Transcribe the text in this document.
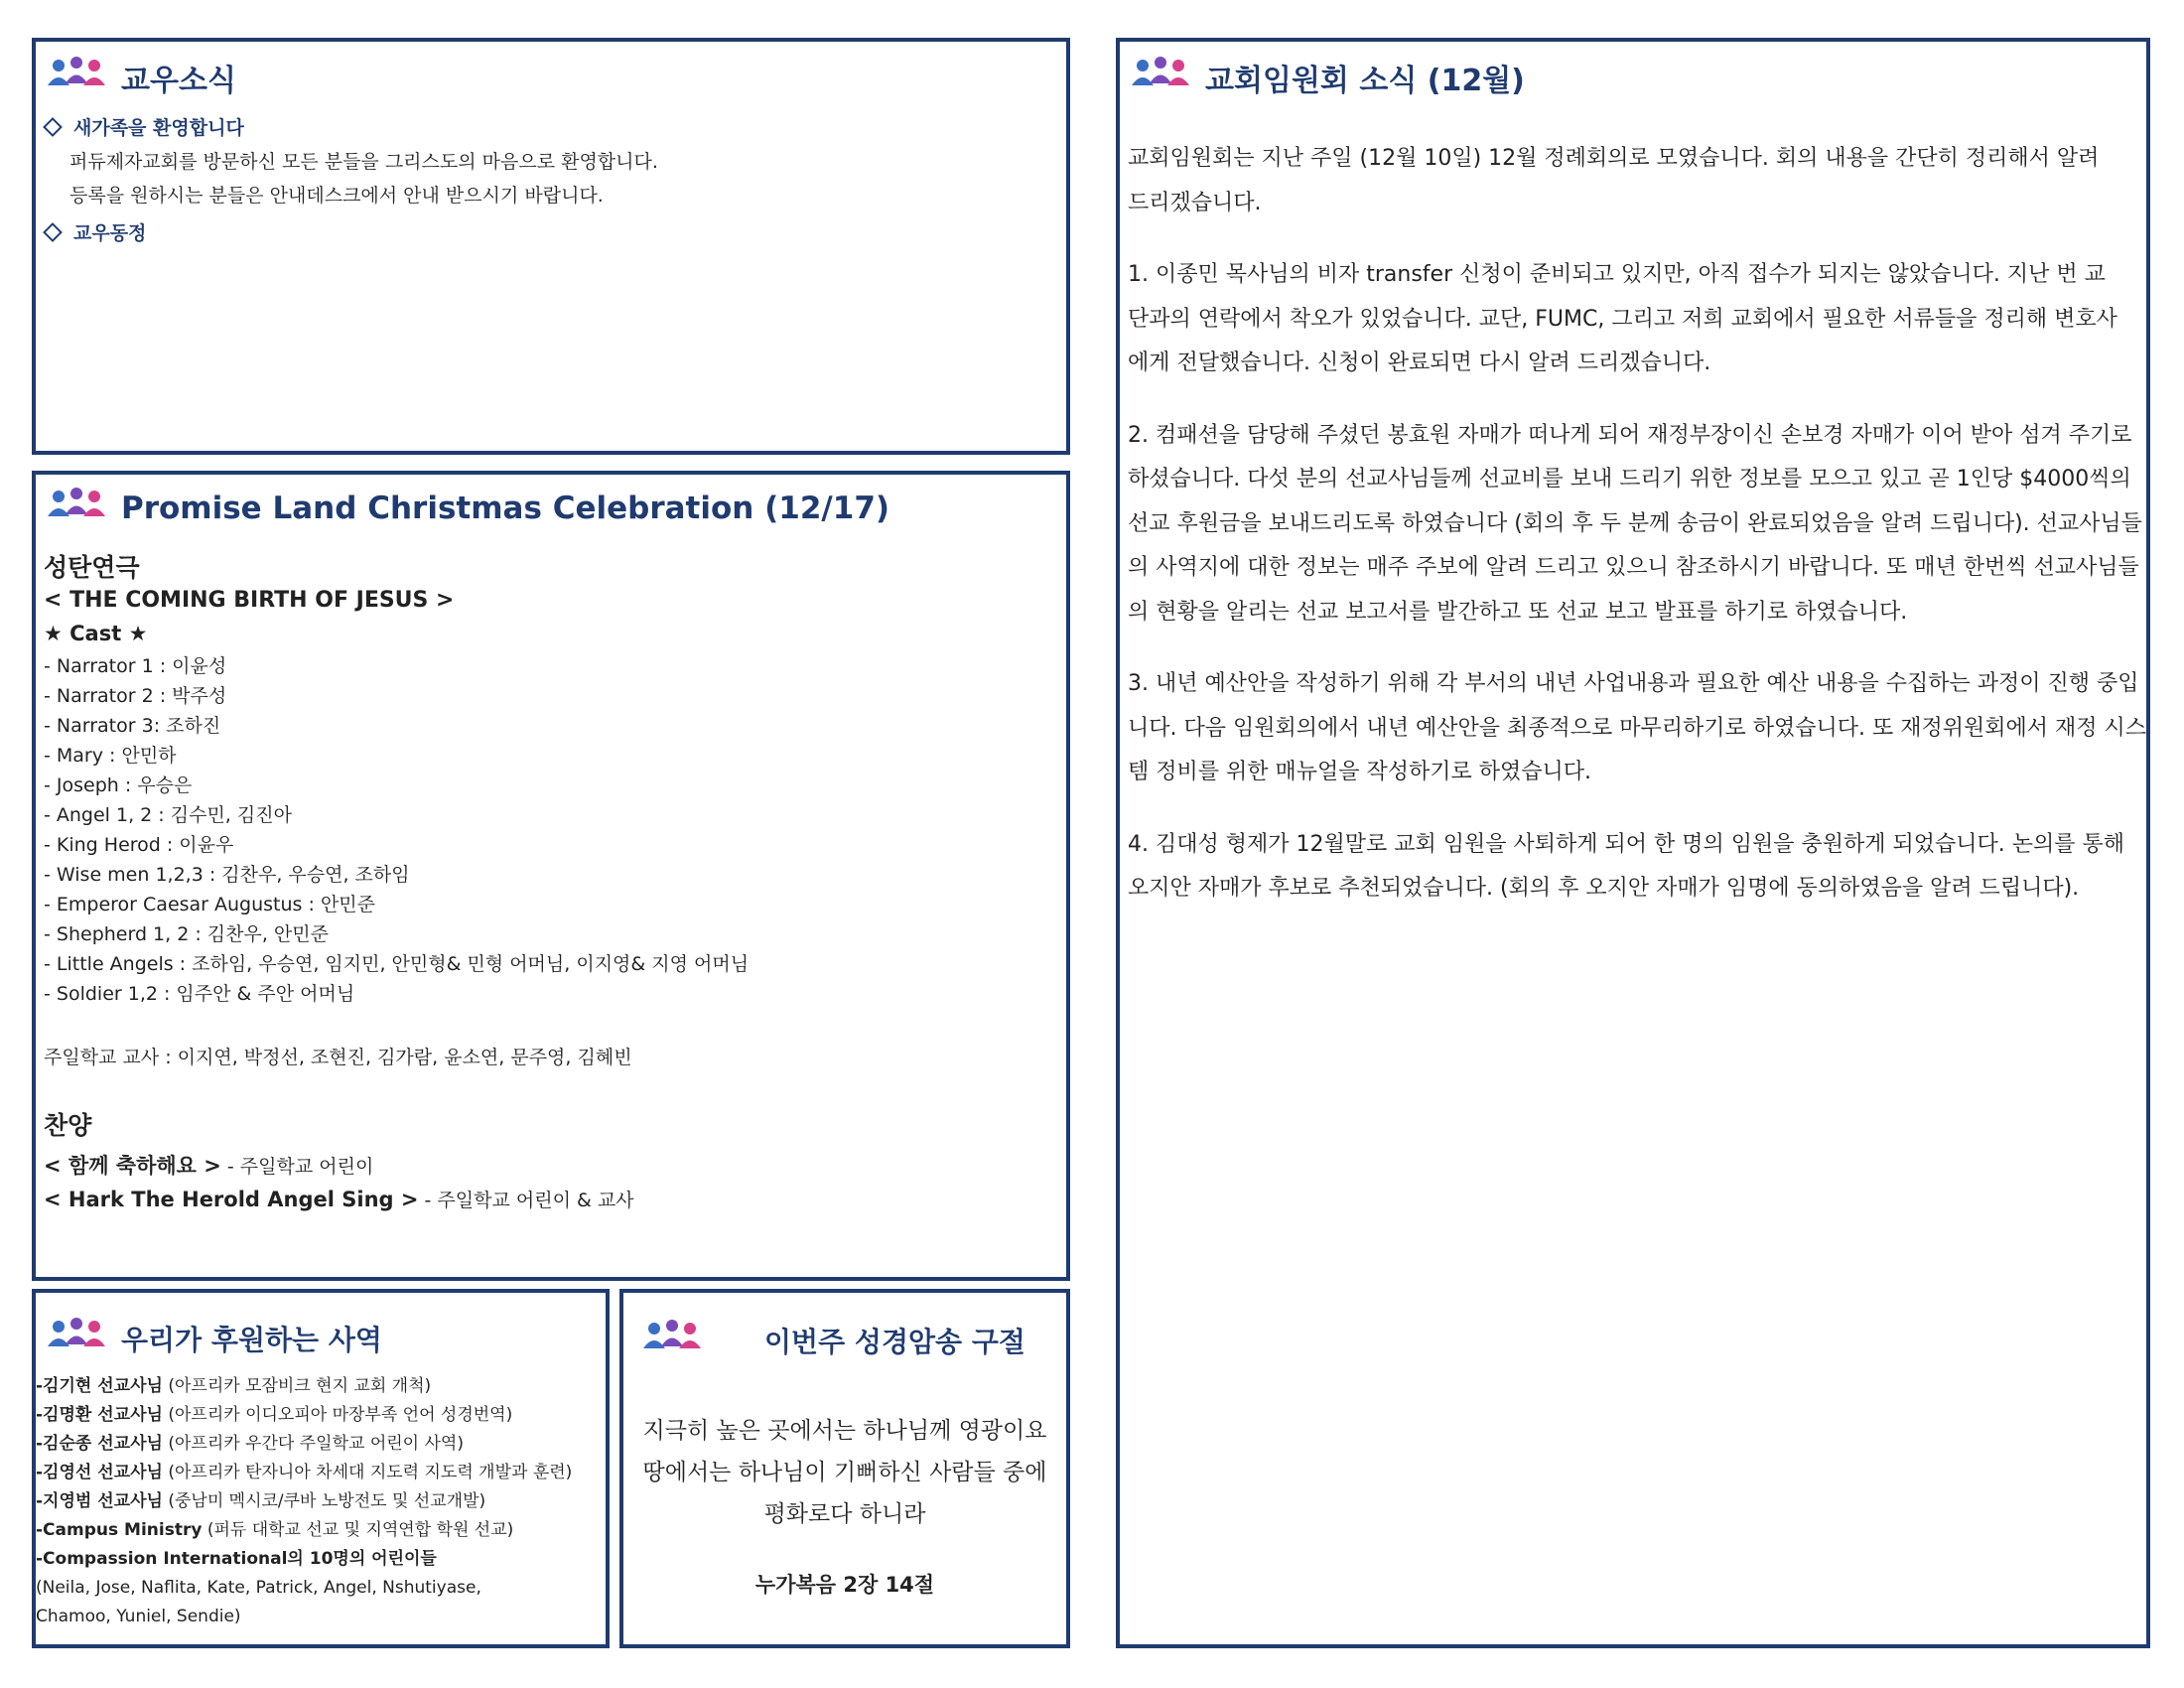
교우소식
새가족을 환영합니다
퍼듀제자교회를 방문하신 모든 분들을 그리스도의 마음으로 환영합니다.
등록을 원하시는 분들은 안내데스크에서 안내 받으시기 바랍니다.
교우동정
Promise Land Christmas Celebration (12/17)
성탄연극
< THE COMING BIRTH OF JESUS >
★ Cast ★
- Narrator 1 : 이윤성
- Narrator 2 : 박주성
- Narrator 3: 조하진
- Mary : 안민하
- Joseph : 우승은
- Angel 1, 2 : 김수민, 김진아
- King Herod : 이윤우
- Wise men 1,2,3 : 김찬우, 우승연, 조하임
- Emperor Caesar Augustus : 안민준
- Shepherd 1, 2 : 김찬우, 안민준
- Little Angels : 조하임, 우승연, 임지민, 안민형& 민형 어머님, 이지영& 지영 어머님
- Soldier 1,2 : 임주안 & 주안 어머님
주일학교 교사 : 이지연, 박정선, 조현진, 김가람, 윤소연, 문주영, 김혜빈
찬양
< 함께 축하해요 > - 주일학교 어린이
< Hark The Herold Angel Sing > - 주일학교 어린이 & 교사
우리가 후원하는 사역
-김기현 선교사님 (아프리카 모잠비크 현지 교회 개척)
-김명환 선교사님 (아프리카 이디오피아 마장부족 언어 성경번역)
-김순종 선교사님 (아프리카 우간다 주일학교 어린이 사역)
-김영선 선교사님 (아프리카 탄자니아 차세대 지도력 지도력 개발과 훈련)
-지영범 선교사님 (중남미 멕시코/쿠바 노방전도 및 선교개발)
-Campus Ministry (퍼듀 대학교 선교 및 지역연합 학원 선교)
-Compassion International의 10명의 어린이들
(Neila, Jose, Naflita, Kate, Patrick, Angel, Nshutiyase,
Chamoo, Yuniel, Sendie)
이번주 성경암송 구절
지극히 높은 곳에서는 하나님께 영광이요
땅에서는 하나님이 기뻐하신 사람들 중에
평화로다 하니라
누가복음 2장 14절
교회임원회 소식 (12월)
교회임원회는 지난 주일 (12월 10일) 12월 정례회의로 모였습니다. 회의 내용을 간단히 정리해서 알려
드리겠습니다.
1. 이종민 목사님의 비자 transfer 신청이 준비되고 있지만, 아직 접수가 되지는 않았습니다. 지난 번 교
단과의 연락에서 착오가 있었습니다. 교단, FUMC, 그리고 저희 교회에서 필요한 서류들을 정리해 변호사
에게 전달했습니다. 신청이 완료되면 다시 알려 드리겠습니다.
2. 컴패션을 담당해 주셨던 봉효원 자매가 떠나게 되어 재정부장이신 손보경 자매가 이어 받아 섬겨 주기로
하셨습니다. 다섯 분의 선교사님들께 선교비를 보내 드리기 위한 정보를 모으고 있고 곧 1인당 $4000씩의
선교 후원금을 보내드리도록 하였습니다 (회의 후 두 분께 송금이 완료되었음을 알려 드립니다). 선교사님들
의 사역지에 대한 정보는 매주 주보에 알려 드리고 있으니 참조하시기 바랍니다. 또 매년 한번씩 선교사님들
의 현황을 알리는 선교 보고서를 발간하고 또 선교 보고 발표를 하기로 하였습니다.
3. 내년 예산안을 작성하기 위해 각 부서의 내년 사업내용과 필요한 예산 내용을 수집하는 과정이 진행 중입
니다. 다음 임원회의에서 내년 예산안을 최종적으로 마무리하기로 하였습니다. 또 재정위원회에서 재정 시스
템 정비를 위한 매뉴얼을 작성하기로 하였습니다.
4. 김대성 형제가 12월말로 교회 임원을 사퇴하게 되어 한 명의 임원을 충원하게 되었습니다. 논의를 통해
오지안 자매가 후보로 추천되었습니다. (회의 후 오지안 자매가 임명에 동의하였음을 알려 드립니다).
